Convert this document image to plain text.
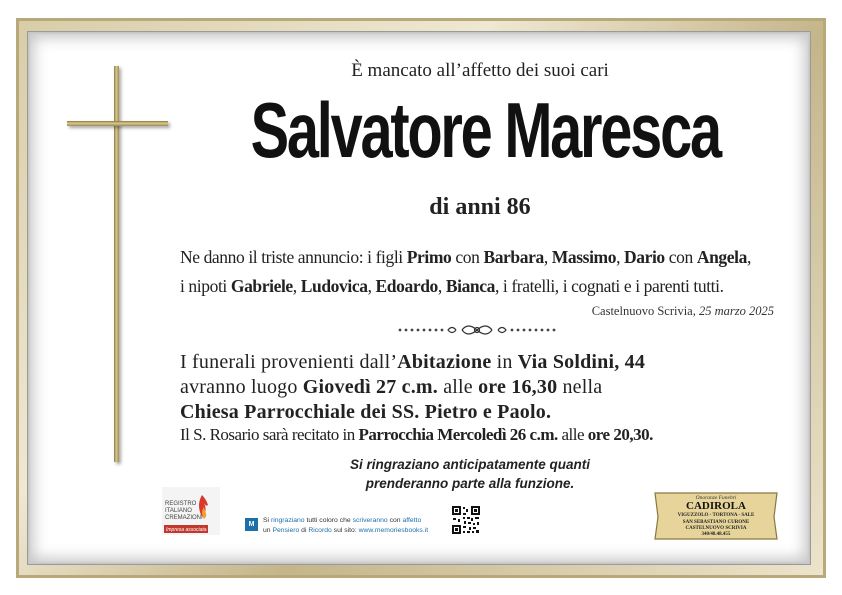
È mancato all’affetto dei suoi cari
Salvatore Maresca
di anni 86
Ne danno il triste annuncio: i figli Primo con Barbara, Massimo, Dario con Angela,
i nipoti Gabriele, Ludovica, Edoardo, Bianca, i fratelli, i cognati e i parenti tutti.
Castelnuovo Scrivia, 25 marzo 2025
I funerali provenienti dall’Abitazione in Via Soldini, 44
avranno luogo Giovedì 27 c.m. alle ore 16,30 nella
Chiesa Parrocchiale dei SS. Pietro e Paolo.
Il S. Rosario sarà recitato in Parrocchia Mercoledì 26 c.m. alle ore 20,30.
Si ringraziano anticipatamente quanti
prenderanno parte alla funzione.
REGISTRO
ITALIANO
CREMAZIONI
Impresa associata
M
Si ringraziano tutti coloro che scriveranno con affetto
un Pensiero di Ricordo sul sito: www.memoriesbooks.it
Onoranze Funebri
CADIROLA
VIGUZZOLO - TORTONA - SALE
SAN SEBASTIANO CURONE
CASTELNUOVO SCRIVIA
340/48.48.455
